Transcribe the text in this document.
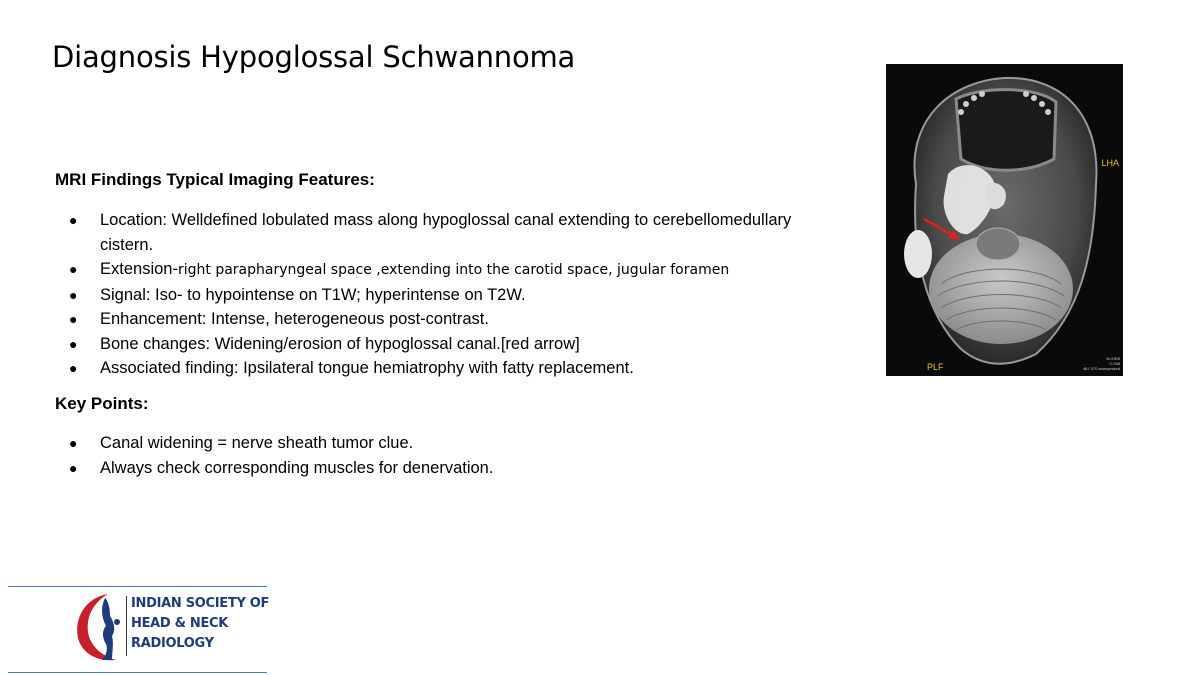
Diagnosis Hypoglossal Schwannoma

MRI Findings Typical Imaging Features:

● Location: Welldefined lobulated mass along hypoglossal canal extending to cerebellomedullary cistern.
● Extension-right parapharyngeal space ,extending into the carotid space, jugular foramen
● Signal: Iso- to hypointense on T1W; hyperintense on T2W.
● Enhancement: Intense, heterogeneous post-contrast.
● Bone changes: Widening/erosion of hypoglossal canal.[red arrow]
● Associated finding: Ipsilateral tongue hemiatrophy with fatty replacement.

Key Points:

● Canal widening = nerve sheath tumor clue.
● Always check corresponding muscles for denervation.
LHA
PLF
W:2309
C:938
48 I 370 anonymized
INDIAN SOCIETY OF
HEAD & NECK
RADIOLOGY
